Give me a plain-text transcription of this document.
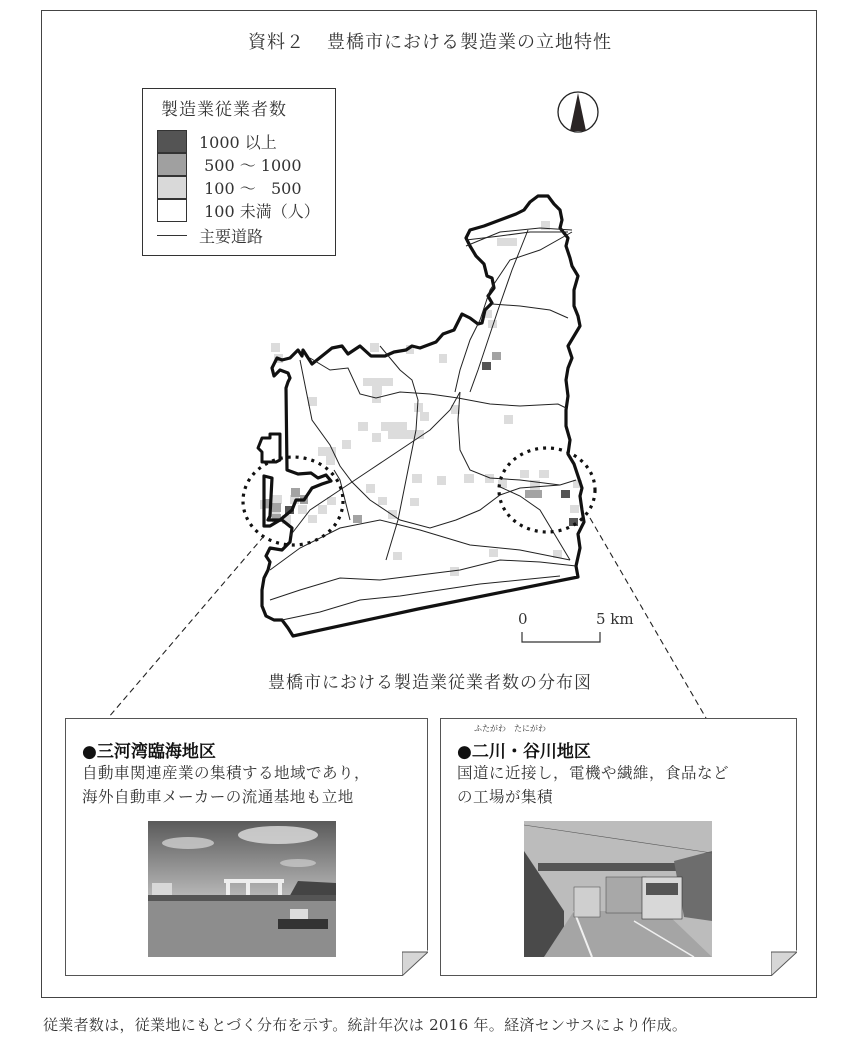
資料２ 豊橋市における製造業の立地特性
製造業従業者数
1000 以上
500 ～ 1000
100 ～   500
100 未満（人）
主要道路
0	5 km
豊橋市における製造業従業者数の分布図
●三河湾臨海地区
自動車関連産業の集積する地域であり，
海外自動車メーカーの流通基地も立地
ふたがわ たにがわ
●二川・谷川地区
国道に近接し，電機や繊維，食品など
の工場が集積
従業者数は，従業地にもとづく分布を示す。統計年次は 2016 年。経済センサスにより作成。
